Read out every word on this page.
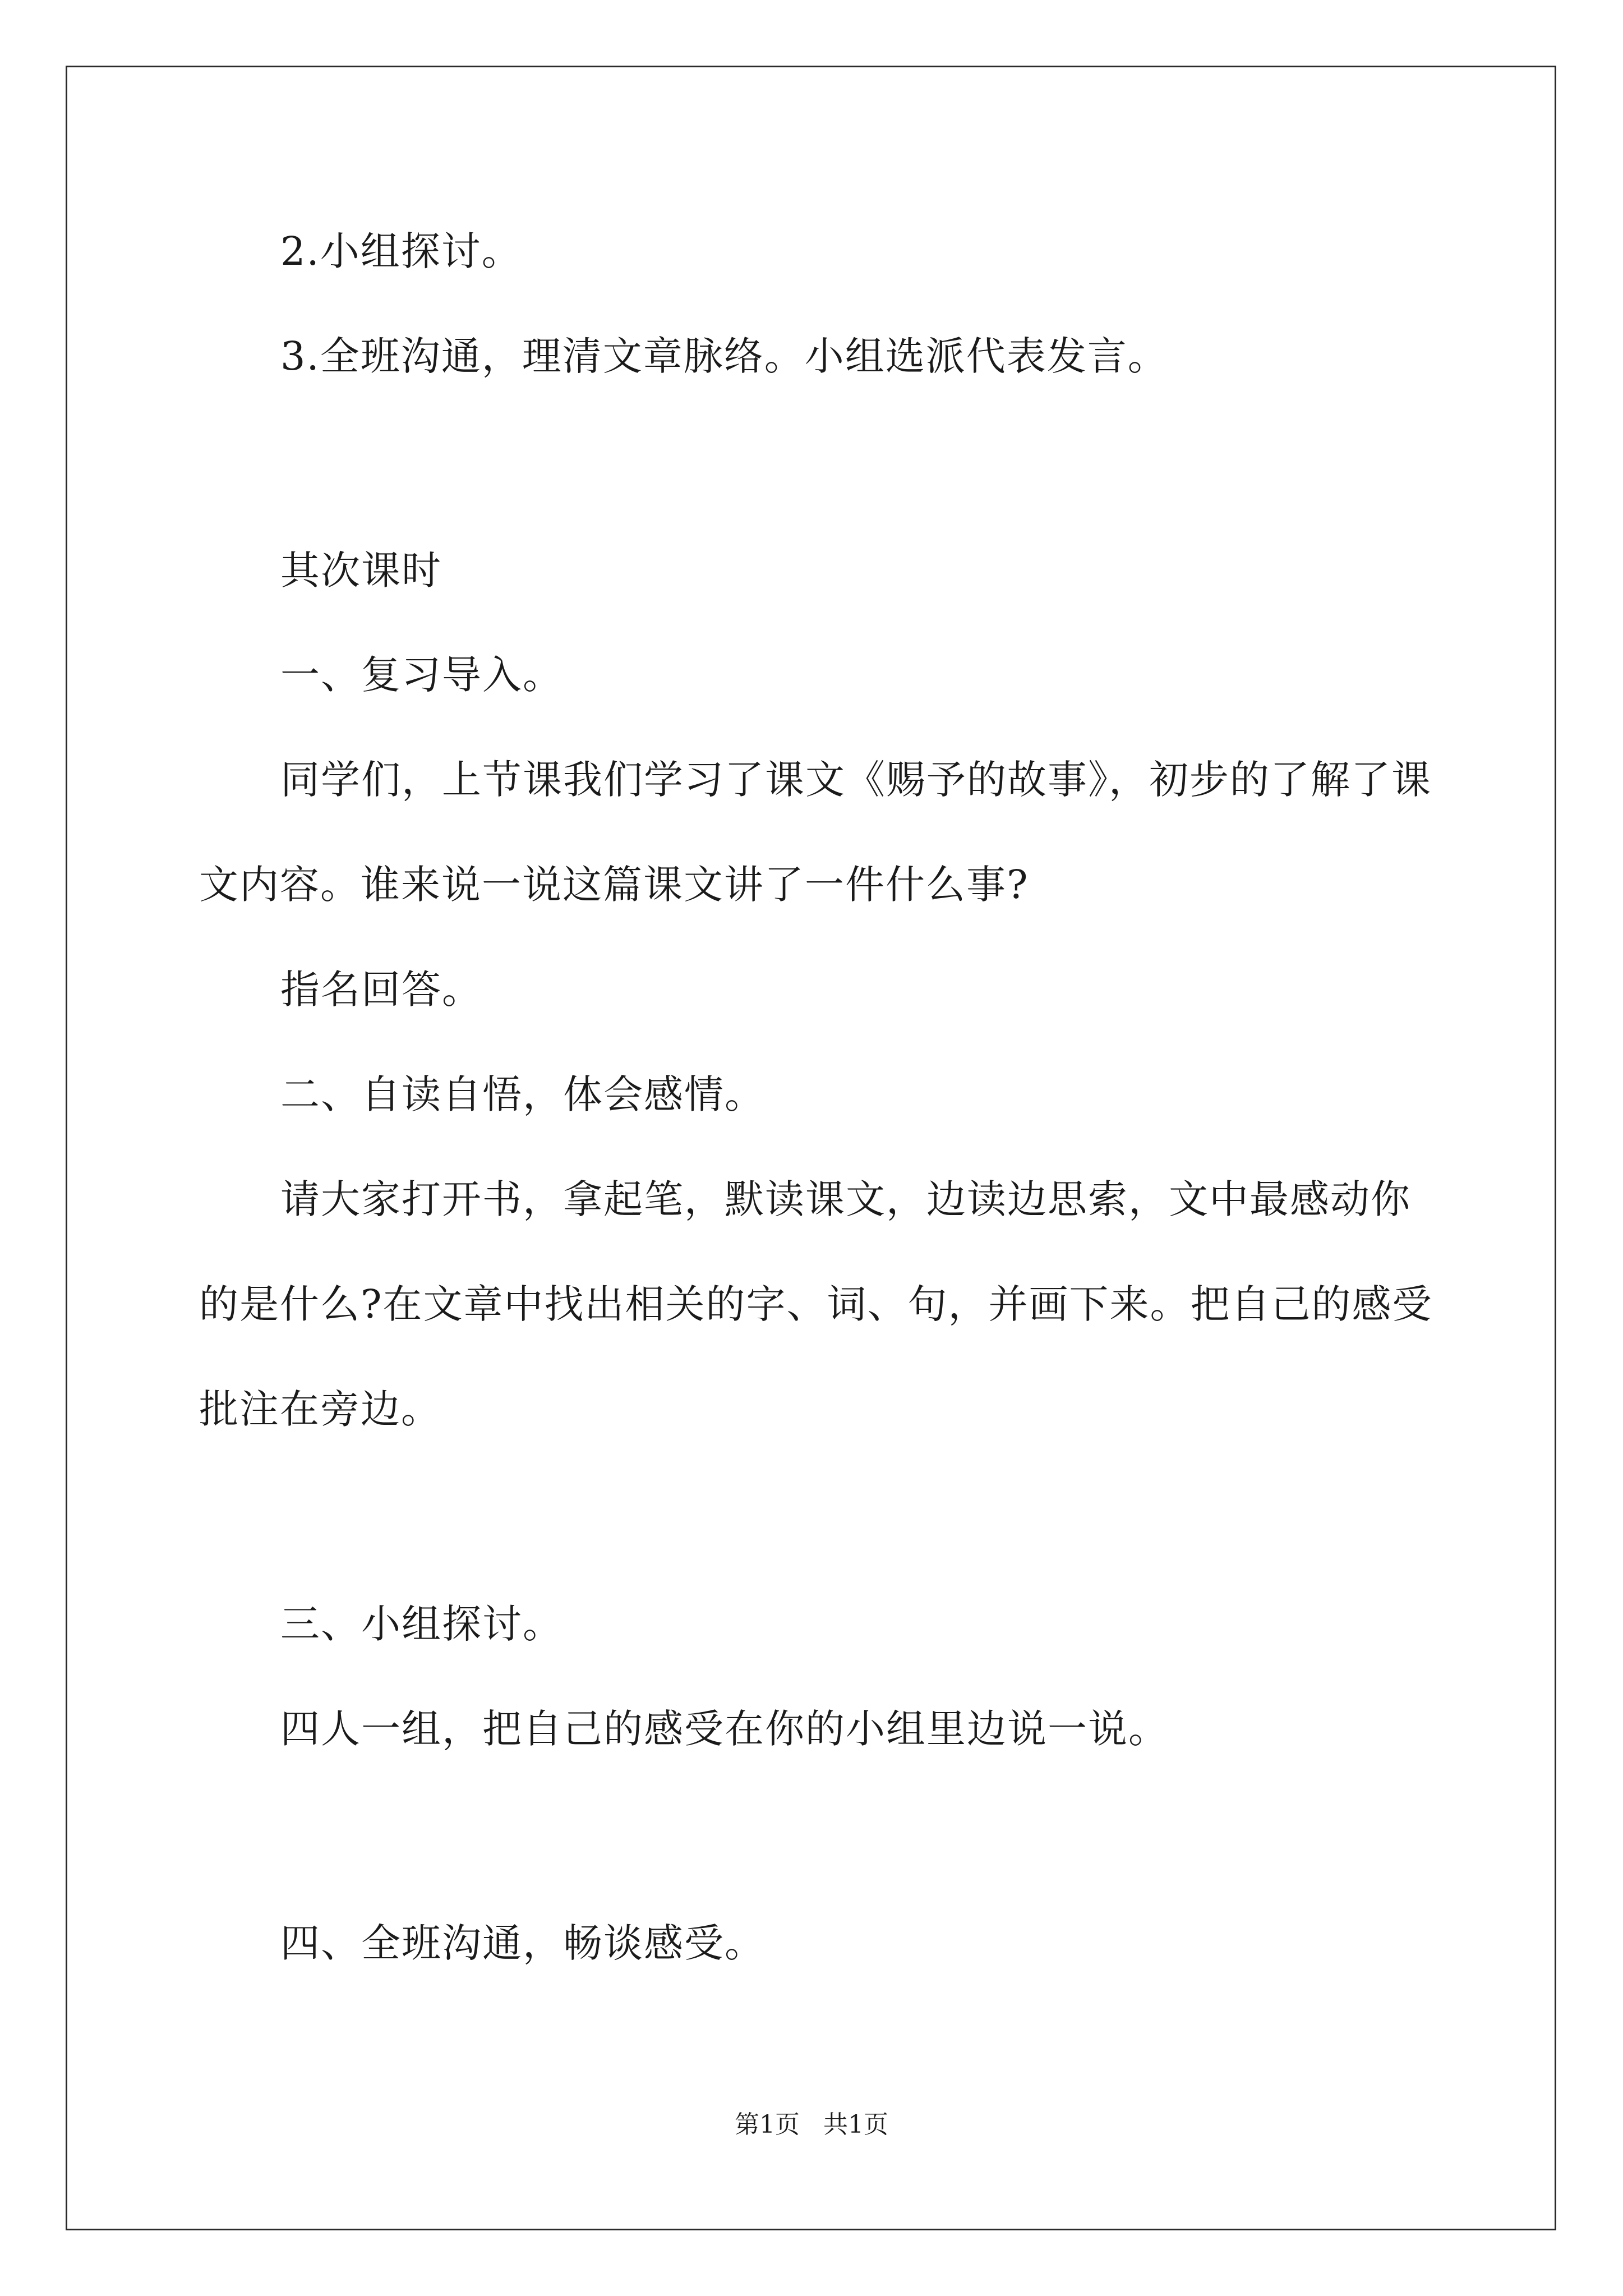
2.小组探讨。
3.全班沟通，理清文章脉络。小组选派代表发言。
其次课时
一、复习导入。
同学们，上节课我们学习了课文《赐予的故事》，初步的了解了课
文内容。谁来说一说这篇课文讲了一件什么事?
指名回答。
二、自读自悟，体会感情。
请大家打开书，拿起笔，默读课文，边读边思索，文中最感动你
的是什么?在文章中找出相关的字、词、句，并画下来。把自己的感受
批注在旁边。
三、小组探讨。
四人一组，把自己的感受在你的小组里边说一说。
四、全班沟通，畅谈感受。
第1页   共1页
